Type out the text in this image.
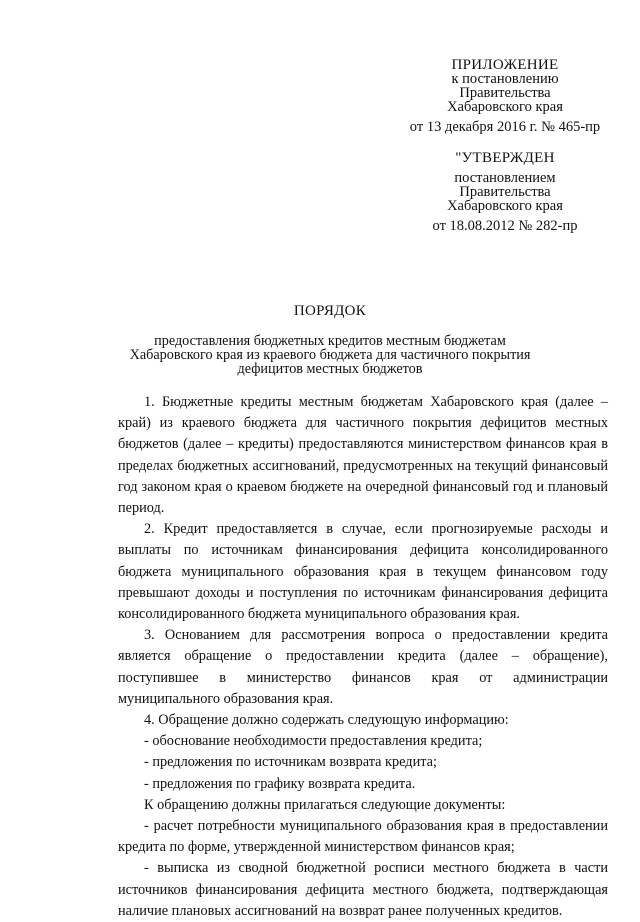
ПРИЛОЖЕНИЕ
к постановлению
Правительства
Хабаровского края
от 13 декабря 2016 г. № 465-пр
"УТВЕРЖДЕН
постановлением
Правительства
Хабаровского края
от 18.08.2012 № 282-пр
ПОРЯДОК
предоставления бюджетных кредитов местным бюджетам Хабаровского края из краевого бюджета для частичного покрытия дефицитов местных бюджетов

1. Бюджетные кредиты местным бюджетам Хабаровского края (далее – край) из краевого бюджета для частичного покрытия дефицитов местных бюджетов (далее – кредиты) предоставляются министерством финансов края в пределах бюджетных ассигнований, предусмотренных на текущий финансовый год законом края о краевом бюджете на очередной финансовый год и плановый период.

2. Кредит предоставляется в случае, если прогнозируемые расходы и выплаты по источникам финансирования дефицита консолидированного бюджета муниципального образования края в текущем финансовом году превышают доходы и поступления по источникам финансирования дефицита консолидированного бюджета муниципального образования края.

3. Основанием для рассмотрения вопроса о предоставлении кредита является обращение о предоставлении кредита (далее – обращение), поступившее в министерство финансов края от администрации муниципального образования края.

4. Обращение должно содержать следующую информацию:

- обоснование необходимости предоставления кредита;

- предложения по источникам возврата кредита;

- предложения по графику возврата кредита.

К обращению должны прилагаться следующие документы:

- расчет потребности муниципального образования края в предоставлении кредита по форме, утвержденной министерством финансов края;

- выписка из сводной бюджетной росписи местного бюджета в части источников финансирования дефицита местного бюджета, подтверждающая наличие плановых ассигнований на возврат ранее полученных кредитов.
